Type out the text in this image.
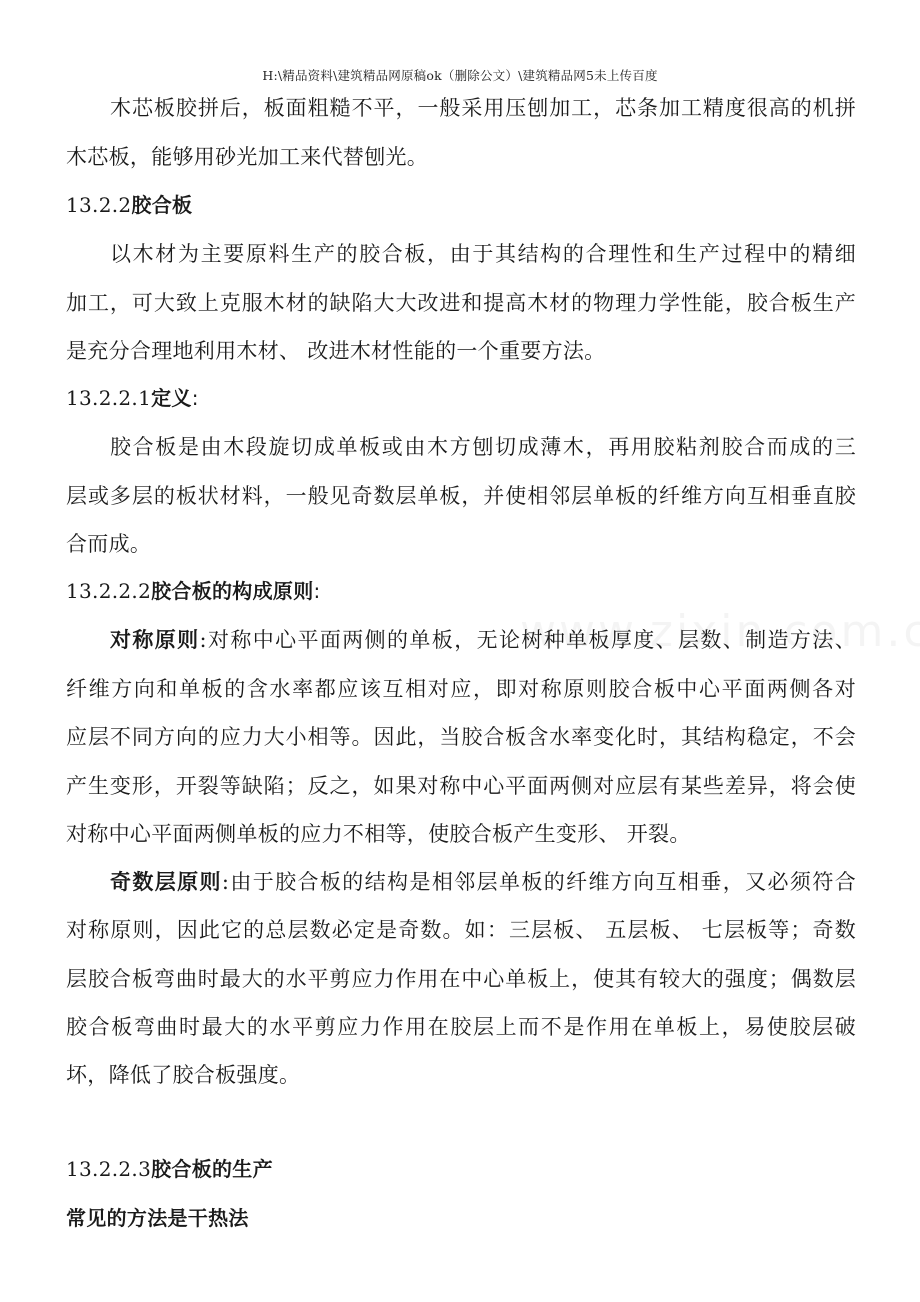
H:\精品资料\建筑精品网原稿ok（删除公文）\建筑精品网5未上传百度
木芯板胶拼后，板面粗糙不平，一般采用压刨加工，芯条加工精度很高的机拼
木芯板，能够用砂光加工来代替刨光。
13.2.2胶合板
以木材为主要原料生产的胶合板，由于其结构的合理性和生产过程中的精细
加工，可大致上克服木材的缺陷大大改进和提高木材的物理力学性能，胶合板生产
是充分合理地利用木材、 改进木材性能的一个重要方法。
13.2.2.1定义:
胶合板是由木段旋切成单板或由木方刨切成薄木，再用胶粘剂胶合而成的三
层或多层的板状材料，一般见奇数层单板，并使相邻层单板的纤维方向互相垂直胶
合而成。
13.2.2.2胶合板的构成原则:
对称原则:对称中心平面两侧的单板，无论树种单板厚度、层数、制造方法、
纤维方向和单板的含水率都应该互相对应，即对称原则胶合板中心平面两侧各对
应层不同方向的应力大小相等。因此，当胶合板含水率变化时，其结构稳定，不会
产生变形，开裂等缺陷；反之，如果对称中心平面两侧对应层有某些差异，将会使
对称中心平面两侧单板的应力不相等，使胶合板产生变形、 开裂。
奇数层原则:由于胶合板的结构是相邻层单板的纤维方向互相垂，又必须符合
对称原则，因此它的总层数必定是奇数。如：三层板、 五层板、 七层板等；奇数
层胶合板弯曲时最大的水平剪应力作用在中心单板上，使其有较大的强度；偶数层
胶合板弯曲时最大的水平剪应力作用在胶层上而不是作用在单板上，易使胶层破
坏，降低了胶合板强度。
13.2.2.3胶合板的生产
常见的方法是干热法
